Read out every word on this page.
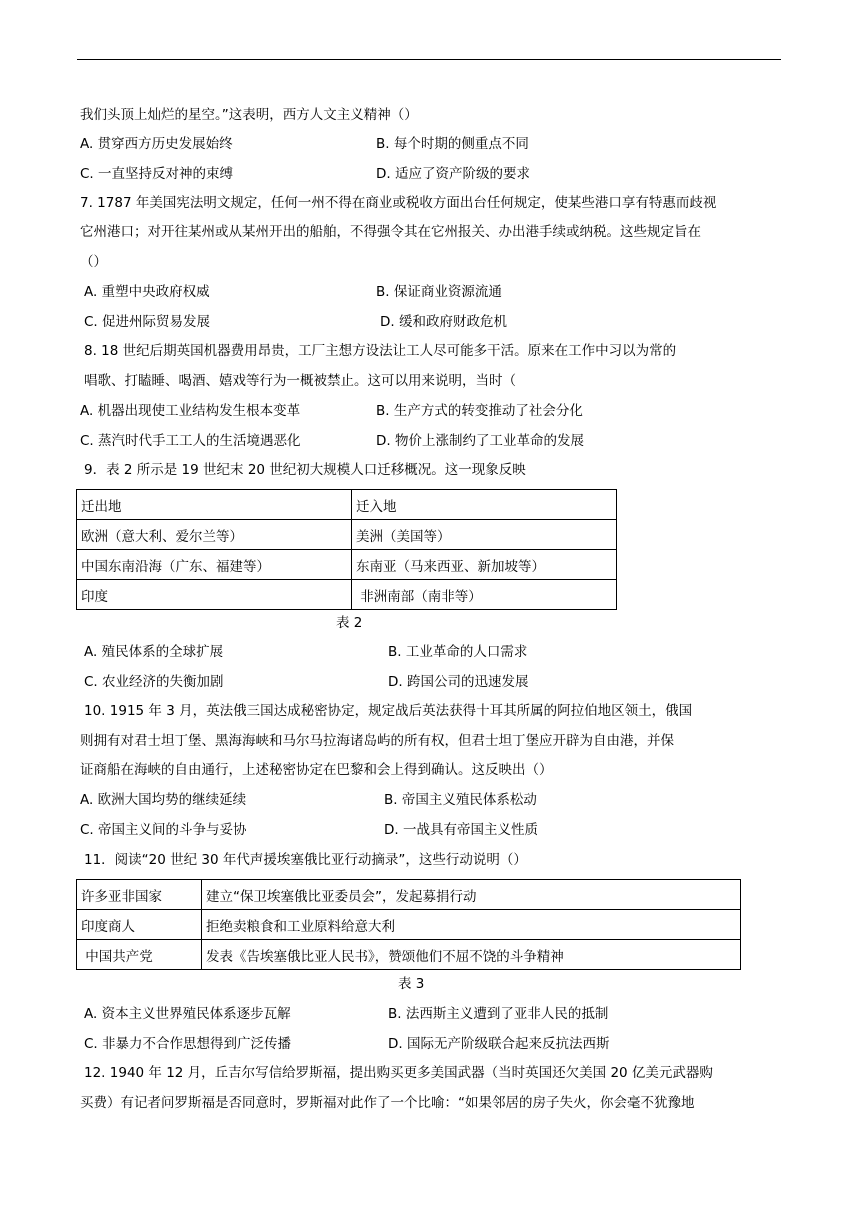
我们头顶上灿烂的星空。”这表明，西方人文主义精神（）
A. 贯穿西方历史发展始终	B. 每个时期的侧重点不同
C. 一直坚持反对神的束缚	D. 适应了资产阶级的要求
7. 1787 年美国宪法明文规定，任何一州不得在商业或税收方面出台任何规定，使某些港口享有特惠而歧视
它州港口；对开往某州或从某州开出的船舶，不得强令其在它州报关、办出港手续或纳税。这些规定旨在
（）
A. 重塑中央政府权威	B. 保证商业资源流通
C. 促进州际贸易发展	D. 缓和政府财政危机
8. 18 世纪后期英国机器费用昂贵，工厂主想方设法让工人尽可能多干活。原来在工作中习以为常的
唱歌、打瞌睡、喝酒、嬉戏等行为一概被禁止。这可以用来说明，当时（
A. 机器出现使工业结构发生根本变革	B. 生产方式的转变推动了社会分化
C. 蒸汽时代手工工人的生活境遇恶化	D. 物价上涨制约了工业革命的发展
9．表 2 所示是 19 世纪末 20 世纪初大规模人口迁移概况。这一现象反映
迁出地	迁入地
欧洲（意大利、爱尔兰等）	美洲（美国等）
中国东南沿海（广东、福建等）	东南亚（马来西亚、新加坡等）
印度	非洲南部（南非等）
表 2
A. 殖民体系的全球扩展	B. 工业革命的人口需求
C. 农业经济的失衡加剧	D. 跨国公司的迅速发展
10. 1915 年 3 月，英法俄三国达成秘密协定，规定战后英法获得十耳其所属的阿拉伯地区领土，俄国
则拥有对君士坦丁堡、黑海海峡和马尔马拉海诸岛屿的所有权，但君士坦丁堡应开辟为自由港，并保
证商船在海峡的自由通行，上述秘密协定在巴黎和会上得到确认。这反映出（）
A. 欧洲大国均势的继续延续	B. 帝国主义殖民体系松动
C. 帝国主义间的斗争与妥协	D. 一战具有帝国主义性质
11．阅读“20 世纪 30 年代声援埃塞俄比亚行动摘录”，这些行动说明（）
许多亚非国家	建立“保卫埃塞俄比亚委员会”，发起募捐行动
印度商人	拒绝卖粮食和工业原料给意大利
中国共产党	发表《告埃塞俄比亚人民书》，赞颂他们不屈不饶的斗争精神
表 3
A. 资本主义世界殖民体系逐步瓦解	B. 法西斯主义遭到了亚非人民的抵制
C. 非暴力不合作思想得到广泛传播	D. 国际无产阶级联合起来反抗法西斯
12. 1940 年 12 月，丘吉尔写信给罗斯福，提出购买更多美国武器（当时英国还欠美国 20 亿美元武器购
买费）有记者问罗斯福是否同意时，罗斯福对此作了一个比喻：“如果邻居的房子失火，你会毫不犹豫地
